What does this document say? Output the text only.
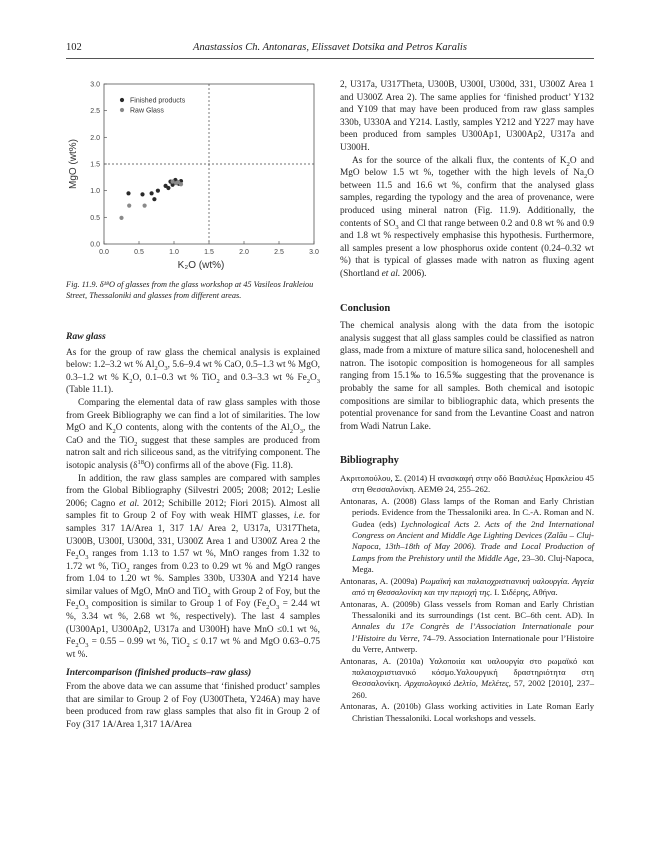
102	Anastassios Ch. Antonaras, Elissavet Dotsika and Petros Karalis
0.0	0.5	1.0	1.5	2.0	2.5	3.0
0.0
0.5
1.0
1.5
2.0
2.5
3.0
Finished products
Raw Glass
K₂O (wt%)
MgO (wt%)
Fig. 11.9. δ¹⁸O of glasses from the glass workshop at 45 Vasileos Irakleiou Street, Thessaloniki and glasses from different areas.

Raw glass

As for the group of raw glass the chemical analysis is explained below: 1.2–3.2 wt % $Al_2O_3$, 5.6–9.4 wt % CaO, 0.5–1.3 wt % MgO, 0.3–1.2 wt % $K_2O$, 0.1–0.3 wt % TiO$_2$ and 0.3–3.3 wt % $Fe_2O_3$ (Table 11.1).

Comparing the elemental data of raw glass samples with those from Greek Bibliography we can find a lot of similarities. The low MgO and $K_2O$ contents, along with the contents of the $Al_2O_3$, the CaO and the TiO$_2$ suggest that these samples are produced from natron salt and rich siliceous sand, as the vitrifying component. The isotopic analysis $(\delta^{18}O)$ confirms all of the above (Fig. 11.8).

In addition, the raw glass samples are compared with samples from the Global Bibliography (Silvestri 2005; 2008; 2012; Leslie 2006; Cagno et al. 2012; Schibille 2012; Fiori 2015). Almost all samples fit to Group 2 of Foy with weak HIMT glasses, i.e. for samples 317 1A/Area 1, 317 1A/ Area 2, U317a, U317Theta, U300B, U300I, U300d, 331, U300Z Area 1 and U300Z Area 2 the $Fe_2O_3$ ranges from 1.13 to 1.57 wt %, MnO ranges from 1.32 to 1.72 wt %, TiO$_2$ ranges from 0.23 to 0.29 wt % and MgO ranges from 1.04 to 1.20 wt %. Samples 330b, U330A and Y214 have similar values of MgO, MnO and TiO$_2$ with Group 2 of Foy, but the $Fe_2O_3$ composition is similar to Group 1 of Foy ($Fe_2O_3 = 2.44$ wt %, 3.34 wt %, 2.68 wt %, respectively). The last 4 samples (U300Ap1, U300Ap2, U317a and U300H) have MnO ≤0.1 wt %, $Fe_2O_3 = 0.55 - 0.99$ wt %, TiO$_2$ ≤ 0.17 wt % and MgO 0.63–0.75 wt %.

Intercomparison (finished products–raw glass)

From the above data we can assume that ‘finished product’ samples that are similar to Group 2 of Foy (U300Theta, Y246A) may have been produced from raw glass samples that also fit in Group 2 of Foy (317 1A/Area 1,317 1A/Area

2, U317a, U317Theta, U300B, U300I, U300d, 331, U300Z Area 1 and U300Z Area 2). The same applies for ‘finished product’ Y132 and Y109 that may have been produced from raw glass samples 330b, U330A and Y214. Lastly, samples Y212 and Y227 may have been produced from samples U300Ap1, U300Ap2, U317a and U300H.

As for the source of the alkali flux, the contents of $K_2O$ and MgO below 1.5 wt %, together with the high levels of $Na_2O$ between 11.5 and 16.6 wt %, confirm that the analysed glass samples, regarding the typology and the area of provenance, were produced using mineral natron (Fig. 11.9). Additionally, the contents of $SO_3$ and Cl that range between 0.2 and 0.8 wt % and 0.9 and 1.8 wt % respectively emphasise this hypothesis. Furthermore, all samples present a low phosphorus oxide content (0.24–0.32 wt %) that is typical of glasses made with natron as fluxing agent (Shortland et al. 2006).

Conclusion

The chemical analysis along with the data from the isotopic analysis suggest that all glass samples could be classified as natron glass, made from a mixture of mature silica sand, holoceneshell and natron. The isotopic composition is homogeneous for all samples ranging from 15.1‰ to 16.5‰ suggesting that the provenance is probably the same for all samples. Both chemical and isotopic compositions are similar to bibliographic data, which presents the potential provenance for sand from the Levantine Coast and natron from Wadi Natrun Lake.

Bibliography

Ακριτοπούλου, Σ. (2014) Η ανασκαφή στην οδό Βασιλέως Ηρακλείου 45 στη Θεσσαλονίκη. ΑΕΜΘ 24, 255–262.

Antonaras, A. (2008) Glass lamps of the Roman and Early Christian periods. Evidence from the Thessaloniki area. In C.-A. Roman and N. Gudea (eds) Lychnological Acts 2. Acts of the 2nd International Congress on Ancient and Middle Age Lighting Devices (Zalău – Cluj-Napoca, 13th–18th of May 2006). Trade and Local Production of Lamps from the Prehistory until the Middle Age, 23–30. Cluj-Napoca, Mega.

Antonaras, A. (2009a) Ρωμαϊκή και παλαιοχριστιανική υαλουργία. Αγγεία από τη Θεσσαλονίκη και την περιοχή της. Ι. Σιδέρης, Αθήνα.

Antonaras, A. (2009b) Glass vessels from Roman and Early Christian Thessaloniki and its surroundings (1st cent. BC–6th cent. AD). In Annales du 17e Congrès de l’Association Internationale pour l’Histoire du Verre, 74–79. Association Internationale pour l’Histoire du Verre, Antwerp.

Antonaras, A. (2010a) Υαλοποιία και υαλουργία στο ρωμαϊκό και παλαιοχριστιανικό κόσμο.Υαλουργική δραστηριότητα στη Θεσσαλονίκη. Αρχαιολογικό Δελτίο, Μελέτες, 57, 2002 [2010], 237–260.

Antonaras, A. (2010b) Glass working activities in Late Roman Early Christian Thessaloniki. Local workshops and vessels.
